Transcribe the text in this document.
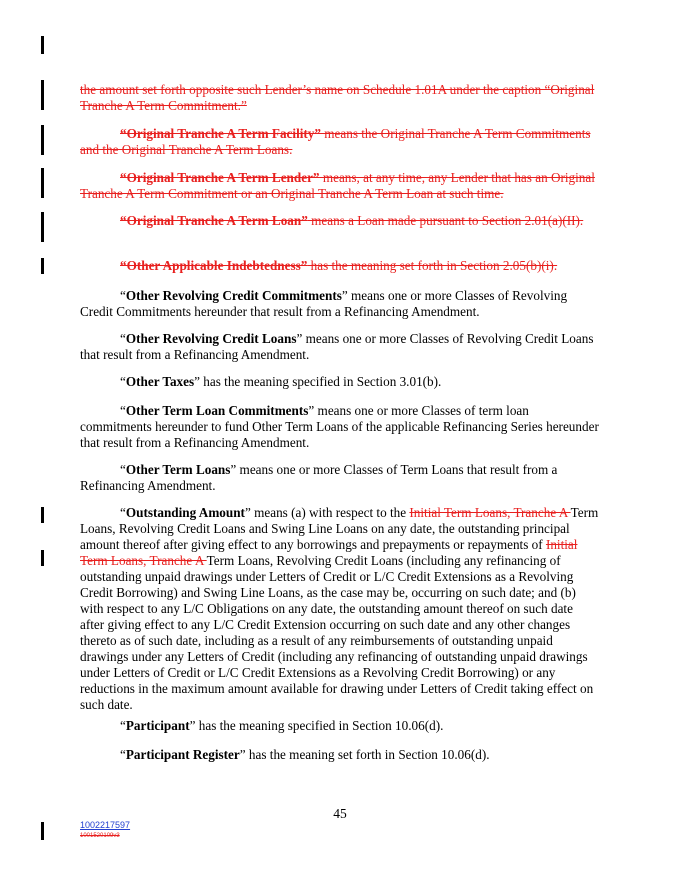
the amount set forth opposite such Lender’s name on Schedule 1.01A under the caption “Original Tranche A Term Commitment.”

“Original Tranche A Term Facility” means the Original Tranche A Term Commitments and the Original Tranche A Term Loans.

“Original Tranche A Term Lender” means, at any time, any Lender that has an Original Tranche A Term Commitment or an Original Tranche A Term Loan at such time.

“Original Tranche A Term Loan” means a Loan made pursuant to Section 2.01(a)(II).

“Other Applicable Indebtedness” has the meaning set forth in Section 2.05(b)(i).

“Other Revolving Credit Commitments” means one or more Classes of Revolving Credit Commitments hereunder that result from a Refinancing Amendment.

“Other Revolving Credit Loans” means one or more Classes of Revolving Credit Loans that result from a Refinancing Amendment.

“Other Taxes” has the meaning specified in Section 3.01(b).

“Other Term Loan Commitments” means one or more Classes of term loan commitments hereunder to fund Other Term Loans of the applicable Refinancing Series hereunder that result from a Refinancing Amendment.

“Other Term Loans” means one or more Classes of Term Loans that result from a Refinancing Amendment.

“Outstanding Amount” means (a) with respect to the Initial Term Loans, Tranche A Term Loans, Revolving Credit Loans and Swing Line Loans on any date, the outstanding principal amount thereof after giving effect to any borrowings and prepayments or repayments of Initial Term Loans, Tranche A Term Loans, Revolving Credit Loans (including any refinancing of outstanding unpaid drawings under Letters of Credit or L/C Credit Extensions as a Revolving Credit Borrowing) and Swing Line Loans, as the case may be, occurring on such date; and (b) with respect to any L/C Obligations on any date, the outstanding amount thereof on such date after giving effect to any L/C Credit Extension occurring on such date and any other changes thereto as of such date, including as a result of any reimbursements of outstanding unpaid drawings under any Letters of Credit (including any refinancing of outstanding unpaid drawings under Letters of Credit or L/C Credit Extensions as a Revolving Credit Borrowing) or any reductions in the maximum amount available for drawing under Letters of Credit taking effect on such date.

“Participant” has the meaning specified in Section 10.06(d).

“Participant Register” has the meaning set forth in Section 10.06(d).

45
1002217597
1001520109v3
